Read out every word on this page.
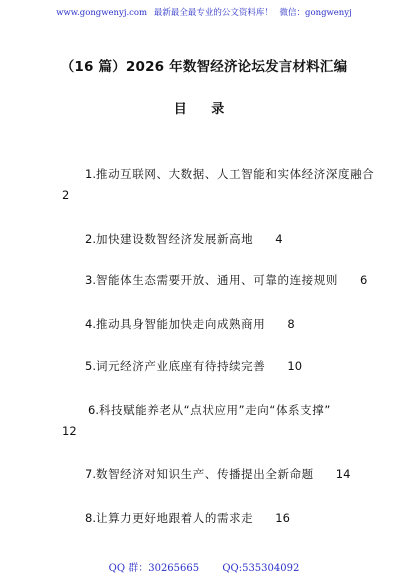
www.gongwenyj.com 最新最全最专业的公文资料库！ 微信：gongwenyj
（16 篇）2026 年数智经济论坛发言材料汇编
目 录
1.推动互联网、大数据、人工智能和实体经济深度融合
2
2.加快建设数智经济发展新高地 4
3.智能体生态需要开放、通用、可靠的连接规则 6
4.推动具身智能加快走向成熟商用 8
5.词元经济产业底座有待持续完善 10
6.科技赋能养老从“点状应用”走向“体系支撑”
12
7.数智经济对知识生产、传播提出全新命题 14
8.让算力更好地跟着人的需求走 16
QQ 群：30265665 QQ:535304092
